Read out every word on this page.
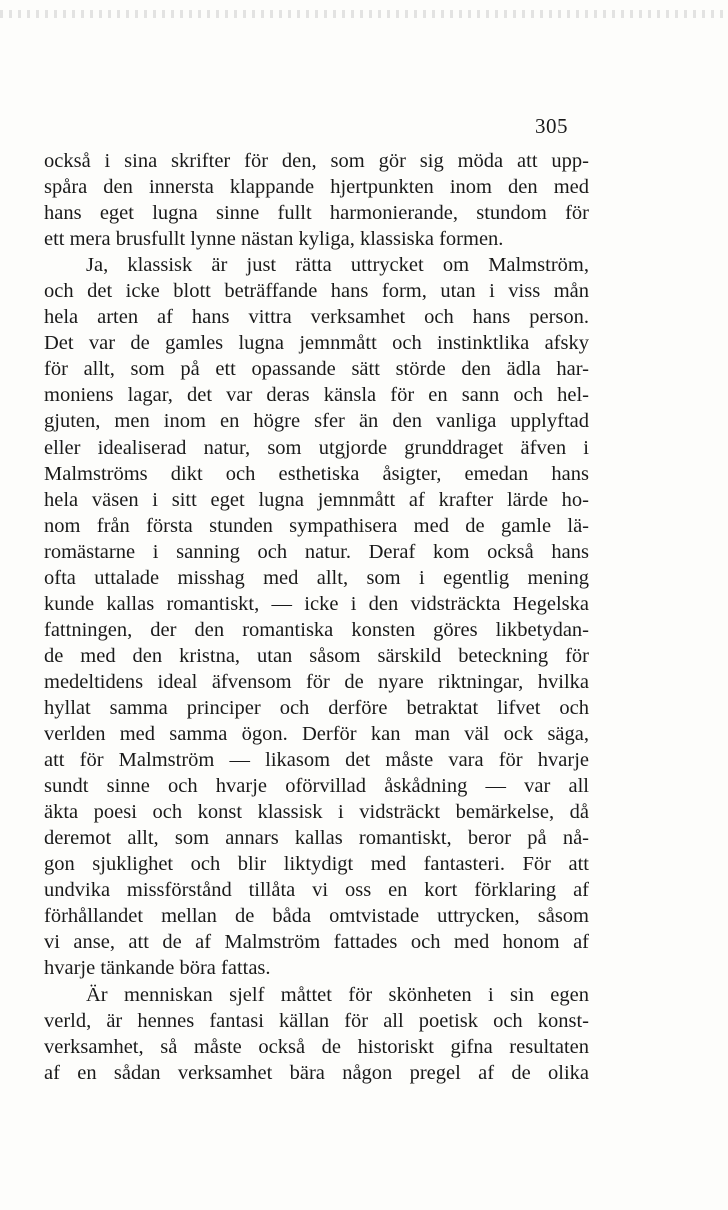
305
också i sina skrifter för den, som gör sig möda att upp-
spåra den innersta klappande hjertpunkten inom den med
hans eget lugna sinne fullt harmonierande, stundom för
ett mera brusfullt lynne nästan kyliga, klassiska formen.
Ja, klassisk är just rätta uttrycket om Malmström,
och det icke blott beträffande hans form, utan i viss mån
hela arten af hans vittra verksamhet och hans person.
Det var de gamles lugna jemnmått och instinktlika afsky
för allt, som på ett opassande sätt störde den ädla har-
moniens lagar, det var deras känsla för en sann och hel-
gjuten, men inom en högre sfer än den vanliga upplyftad
eller idealiserad natur, som utgjorde grunddraget äfven i
Malmströms dikt och esthetiska åsigter, emedan hans
hela väsen i sitt eget lugna jemnmått af krafter lärde ho-
nom från första stunden sympathisera med de gamle lä-
romästarne i sanning och natur. Deraf kom också hans
ofta uttalade misshag med allt, som i egentlig mening
kunde kallas romantiskt, — icke i den vidsträckta Hegelska
fattningen, der den romantiska konsten göres likbetydan-
de med den kristna, utan såsom särskild beteckning för
medeltidens ideal äfvensom för de nyare riktningar, hvilka
hyllat samma principer och derföre betraktat lifvet och
verlden med samma ögon. Derför kan man väl ock säga,
att för Malmström — likasom det måste vara för hvarje
sundt sinne och hvarje oförvillad åskådning — var all
äkta poesi och konst klassisk i vidsträckt bemärkelse, då
deremot allt, som annars kallas romantiskt, beror på nå-
gon sjuklighet och blir liktydigt med fantasteri. För att
undvika missförstånd tillåta vi oss en kort förklaring af
förhållandet mellan de båda omtvistade uttrycken, såsom
vi anse, att de af Malmström fattades och med honom af
hvarje tänkande böra fattas.
Är menniskan sjelf måttet för skönheten i sin egen
verld, är hennes fantasi källan för all poetisk och konst-
verksamhet, så måste också de historiskt gifna resultaten
af en sådan verksamhet bära någon pregel af de olika
